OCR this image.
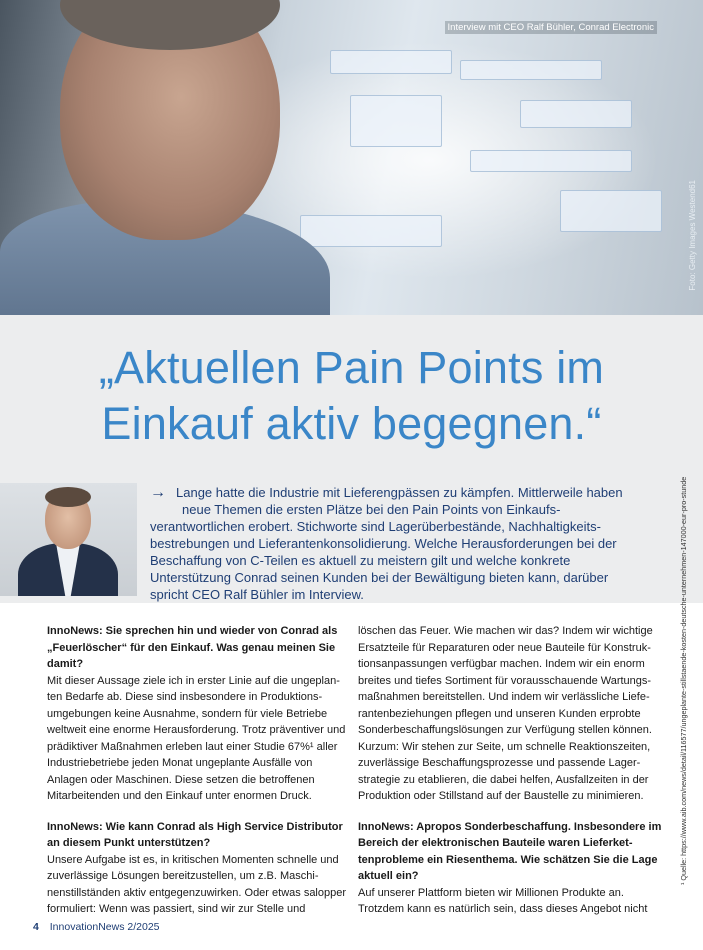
Interview mit CEO Ralf Bühler, Conrad Electronic
Foto: Getty Images Westend61
„Aktuellen Pain Points im
Einkauf aktiv begegnen.“
→ Lange hatte die Industrie mit Lieferengpässen zu kämpfen. Mittlerweile haben neue Themen die ersten Plätze bei den Pain Points von Einkaufs-
verantwortlichen erobert. Stichworte sind Lagerüberbestände, Nachhaltigkeitsbestrebungen und Lieferantenkonsolidierung. Welche Herausforderungen bei der Beschaffung von C-Teilen es aktuell zu meistern gilt und welche konkrete Unterstützung Conrad seinen Kunden bei der Bewältigung bieten kann, darüber spricht CEO Ralf Bühler im Interview.	¹ Quelle: https://www.aib.com/news/detail/116577/ungeplante-stillstaende-kosten-deutsche-unternehmen-147000-eur-pro-stunde

InnoNews: Sie sprechen hin und wieder von Conrad als „Feuerlöscher“ für den Einkauf. Was genau meinen Sie damit?
Mit dieser Aussage ziele ich in erster Linie auf die ungeplanten Bedarfe ab. Diese sind insbesondere in Produktionsumgebungen keine Ausnahme, sondern für viele Betriebe weltweit eine enorme Herausforderung. Trotz präventiver und prädiktiver Maßnahmen erleben laut einer Studie 67%¹ aller Industriebetriebe jeden Monat ungeplante Ausfälle von Anlagen oder Maschinen. Diese setzen die betroffenen Mitarbeitenden und den Einkauf unter enormen Druck.

InnoNews: Wie kann Conrad als High Service Distributor an diesem Punkt unterstützen?
Unsere Aufgabe ist es, in kritischen Momenten schnelle und zuverlässige Lösungen bereitzustellen, um z.B. Maschinenstillständen aktiv entgegenzuwirken. Oder etwas salopper formuliert: Wenn was passiert, sind wir zur Stelle und

löschen das Feuer. Wie machen wir das? Indem wir wichtige Ersatzteile für Reparaturen oder neue Bauteile für Konstruktionsanpassungen verfügbar machen. Indem wir ein enorm breites und tiefes Sortiment für vorausschauende Wartungsmaßnahmen bereitstellen. Und indem wir verlässliche Lieferantenbeziehungen pflegen und unseren Kunden erprobte Sonderbeschaffungslösungen zur Verfügung stellen können. Kurzum: Wir stehen zur Seite, um schnelle Reaktionszeiten, zuverlässige Beschaffungsprozesse und passende Lagerstrategie zu etablieren, die dabei helfen, Ausfallzeiten in der Produktion oder Stillstand auf der Baustelle zu minimieren.

InnoNews: Apropos Sonderbeschaffung. Insbesondere im Bereich der elektronischen Bauteile waren Lieferkettenprobleme ein Riesenthema. Wie schätzen Sie die Lage aktuell ein?
Auf unserer Plattform bieten wir Millionen Produkte an. Trotzdem kann es natürlich sein, dass dieses Angebot nicht

4 InnovationNews 2/2025
